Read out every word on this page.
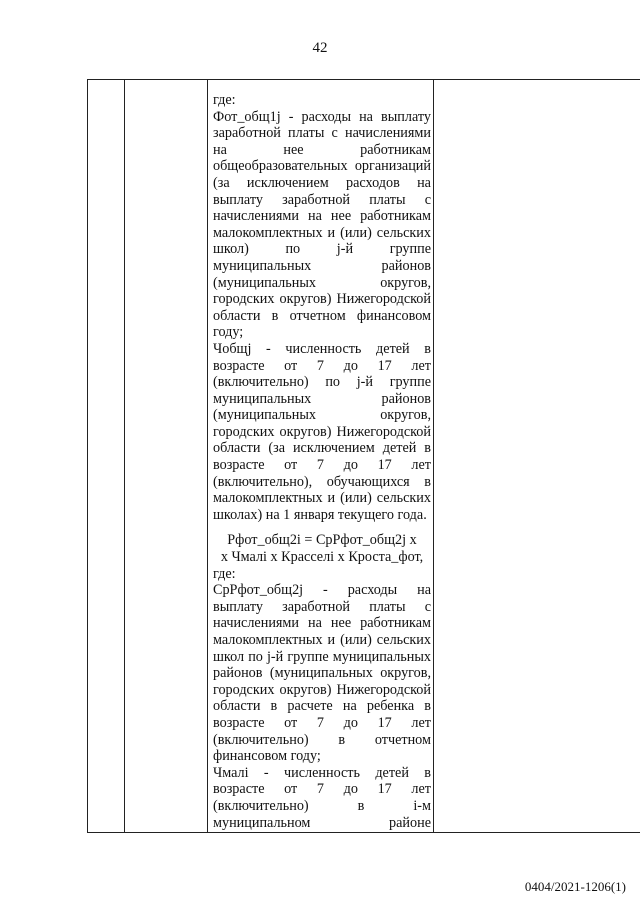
42
где:
Фот_общ1j - расходы на выплату
заработной платы с начислениями
на нее работникам
общеобразовательных организаций
(за исключением расходов на
выплату заработной платы с
начислениями на нее работникам
малокомплектных и (или) сельских
школ) по j-й группе
муниципальных районов
(муниципальных округов,
городских округов) Нижегородской
области в отчетном финансовом
году;
Чобщj - численность детей в
возрасте от 7 до 17 лет
(включительно) по j-й группе
муниципальных районов
(муниципальных округов,
городских округов) Нижегородской
области (за исключением детей в
возрасте от 7 до 17 лет
(включительно), обучающихся в
малокомплектных и (или) сельских
школах) на 1 января текущего года.
Pфот_общ2i = СрPфот_общ2j x
x Чмалi x Красселi x Кроста_фот,
где:
СрPфот_общ2j - расходы на
выплату заработной платы с
начислениями на нее работникам
малокомплектных и (или) сельских
школ по j-й группе муниципальных
районов (муниципальных округов,
городских округов) Нижегородской
области в расчете на ребенка в
возрасте от 7 до 17 лет
(включительно) в отчетном
финансовом году;
Чмалi - численность детей в
возрасте от 7 до 17 лет
(включительно) в i-м
муниципальном районе
0404/2021-1206(1)
